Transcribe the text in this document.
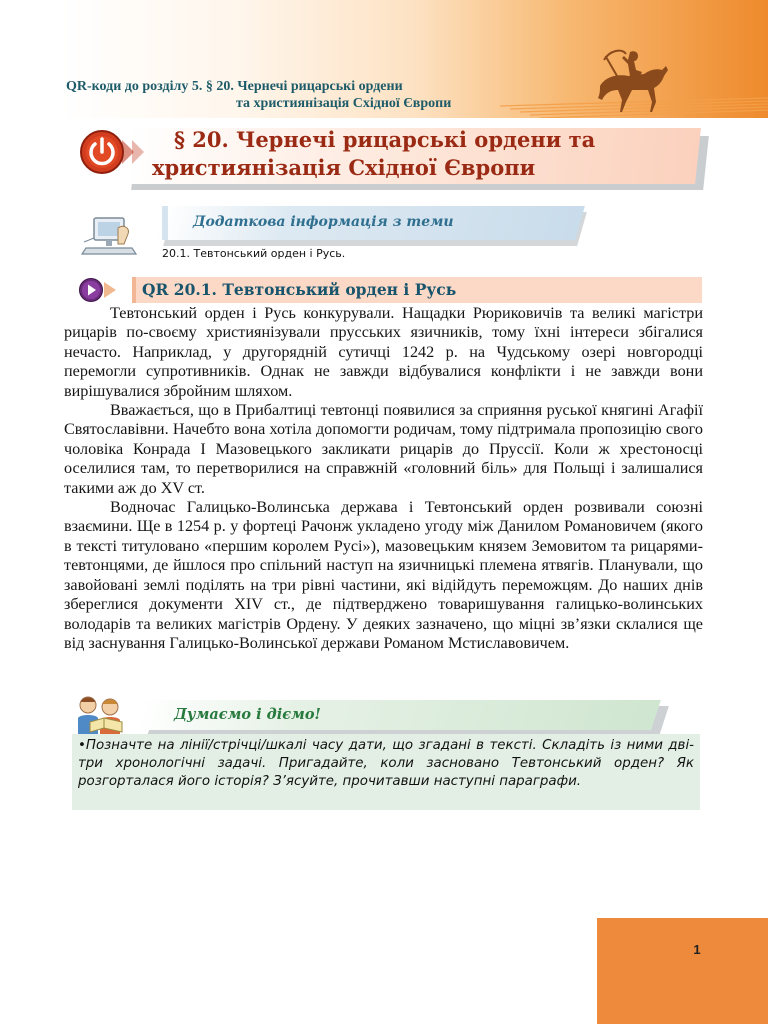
QR-коди до розділу 5. § 20. Чернечі рицарські ордени
та християнізація Східної Європи
§ 20. Чернечі рицарські ордени та
християнізація Східної Європи
Додаткова інформація з теми
20.1. Тевтонський орден і Русь.
QR 20.1. Тевтонський орден і Русь

Тевтонський орден і Русь конкурували. Нащадки Рюриковичів та великі магістри рицарів по-своєму християнізували прусських язичників, тому їхні інтереси збігалися нечасто. Наприклад, у другорядній сутичці 1242 р. на Чудському озері новгородці перемогли супротивників. Однак не завжди відбувалися конфлікти і не завжди вони вирішувалися збройним шляхом.

Вважається, що в Прибалтиці тевтонці появилися за сприяння руської княгині Агафії Святославівни. Начебто вона хотіла допомогти родичам, тому підтримала пропозицію свого чоловіка Конрада І Мазовецького закликати рицарів до Пруссії. Коли ж хрестоносці оселилися там, то перетворилися на справжній «головний біль» для Польщі і залишалися такими аж до XV ст.

Водночас Галицько-Волинська держава і Тевтонський орден розвивали союзні взаємини. Ще в 1254 р. у фортеці Рачонж укладено угоду між Данилом Романовичем (якого в тексті титуловано «першим королем Русі»), мазовецьким князем Земовитом та рицарями-тевтонцями, де йшлося про спільний наступ на язичницькі племена ятвягів. Планували, що завойовані землі поділять на три рівні частини, які відійдуть переможцям. До наших днів збереглися документи XIV ст., де підтверджено товаришування галицько-волинських володарів та великих магістрів Ордену. У деяких зазначено, що міцні зв’язки склалися ще від заснування Галицько-Волинської держави Романом Мстиславовичем.

Думаємо і діємо!
•Позначте на лінії/стрічці/шкалі часу дати, що згадані в тексті. Складіть із ними дві-три хронологічні задачі. Пригадайте, коли засновано Тевтонський орден? Як розгорталася його історія? З’ясуйте, прочитавши наступні параграфи.
1
